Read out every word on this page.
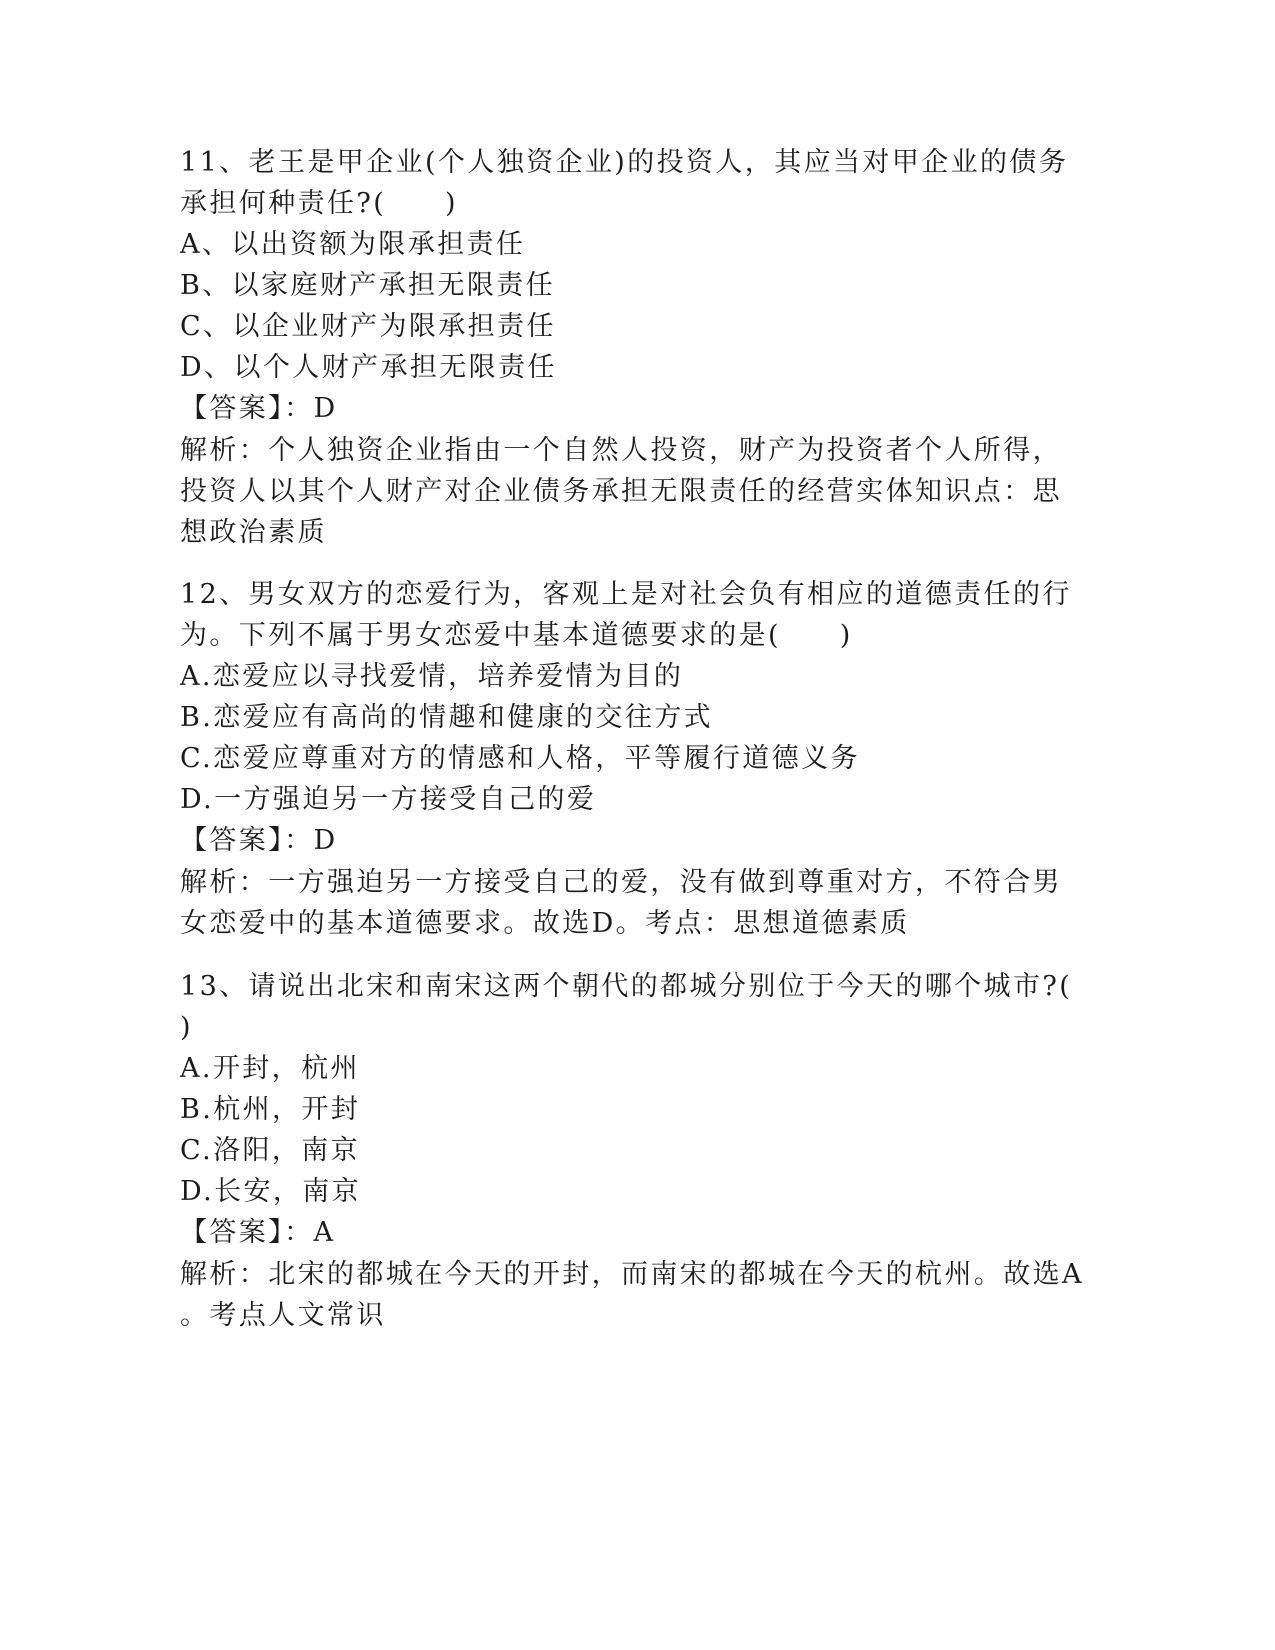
11、老王是甲企业(个人独资企业)的投资人，其应当对甲企业的债务
承担何种责任?(　　)
A、以出资额为限承担责任
B、以家庭财产承担无限责任
C、以企业财产为限承担责任
D、以个人财产承担无限责任
【答案】：D
解析：个人独资企业指由一个自然人投资，财产为投资者个人所得，
投资人以其个人财产对企业债务承担无限责任的经营实体知识点：思
想政治素质
12、男女双方的恋爱行为，客观上是对社会负有相应的道德责任的行
为。下列不属于男女恋爱中基本道德要求的是(　　)
A.恋爱应以寻找爱情，培养爱情为目的
B.恋爱应有高尚的情趣和健康的交往方式
C.恋爱应尊重对方的情感和人格，平等履行道德义务
D.一方强迫另一方接受自己的爱
【答案】：D
解析：一方强迫另一方接受自己的爱，没有做到尊重对方，不符合男
女恋爱中的基本道德要求。故选D。考点：思想道德素质
13、请说出北宋和南宋这两个朝代的都城分别位于今天的哪个城市?(
)
A.开封，杭州
B.杭州，开封
C.洛阳，南京
D.长安，南京
【答案】：A
解析：北宋的都城在今天的开封，而南宋的都城在今天的杭州。故选A
。考点人文常识
